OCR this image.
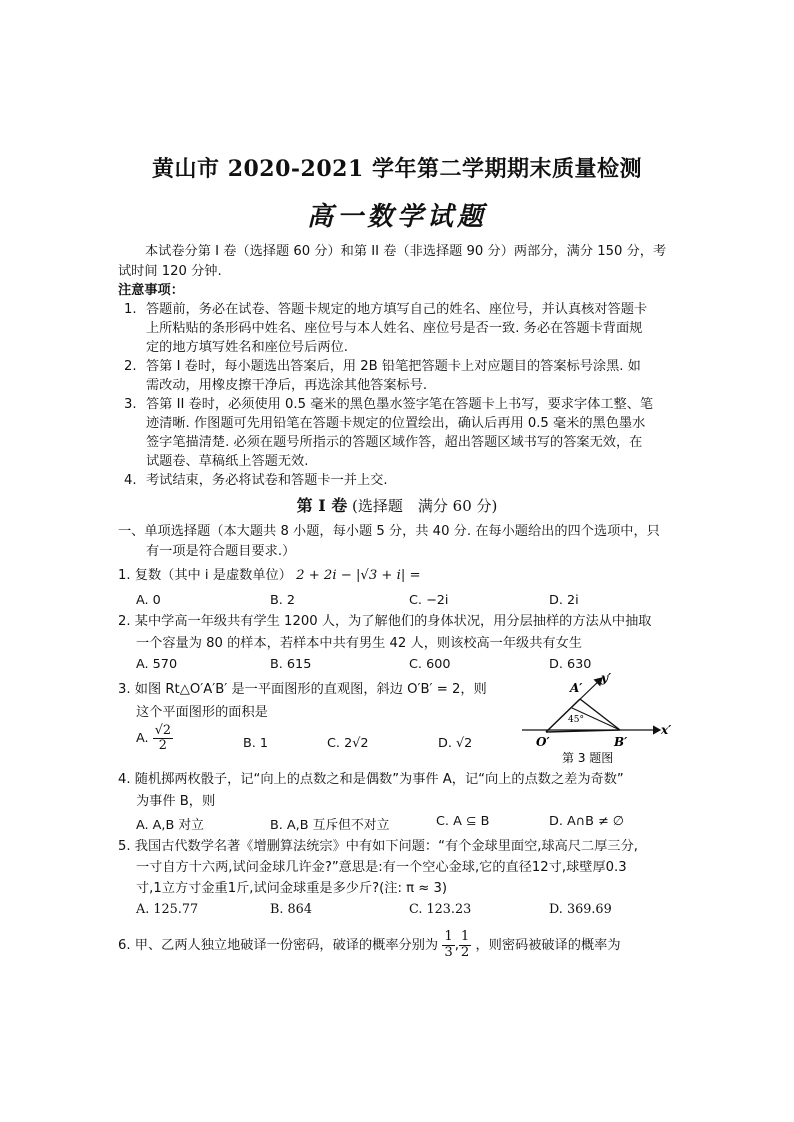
黄山市 2020-2021 学年第二学期期末质量检测
高一数学试题
本试卷分第 I 卷（选择题 60 分）和第 II 卷（非选择题 90 分）两部分，满分 150 分，考
试时间 120 分钟.
注意事项：
1. 答题前，务必在试卷、答题卡规定的地方填写自己的姓名、座位号，并认真核对答题卡
上所粘贴的条形码中姓名、座位号与本人姓名、座位号是否一致. 务必在答题卡背面规
定的地方填写姓名和座位号后两位.
2. 答第 I 卷时，每小题选出答案后，用 2B 铅笔把答题卡上对应题目的答案标号涂黑. 如
需改动，用橡皮擦干净后，再选涂其他答案标号.
3. 答第 II 卷时，必须使用 0.5 毫米的黑色墨水签字笔在答题卡上书写，要求字体工整、笔
迹清晰. 作图题可先用铅笔在答题卡规定的位置绘出，确认后再用 0.5 毫米的黑色墨水
签字笔描清楚. 必须在题号所指示的答题区域作答，超出答题区域书写的答案无效，在
试题卷、草稿纸上答题无效.
4. 考试结束，务必将试卷和答题卡一并上交.
第 I 卷 (选择题　满分 60 分)
一、单项选择题（本大题共 8 小题，每小题 5 分，共 40 分. 在每小题给出的四个选项中，只
有一项是符合题目要求.）
1. 复数（其中 i 是虚数单位） 2 + 2i − |√3 + i| =
A. 0	B. 2	C. −2i	D. 2i
2. 某中学高一年级共有学生 1200 人，为了解他们的身体状况，用分层抽样的方法从中抽取
一个容量为 80 的样本，若样本中共有男生 42 人，则该校高一年级共有女生
A. 570	B. 615	C. 600	D. 630
3. 如图 Rt△O′A′B′ 是一平面图形的直观图，斜边 O′B′ = 2，则
这个平面图形的面积是
A. $\frac{√2}{2}$	B. 1	C. 2√2	D. √2
A′
y′
45°
O′	B′
x′
第 3 题图
4. 随机掷两枚骰子，记“向上的点数之和是偶数”为事件 A，记“向上的点数之差为奇数”
为事件 B，则
A. A,B 对立	B. A,B 互斥但不对立	C. A ⊆ B	D. A∩B ≠ ∅
5. 我国古代数学名著《增删算法统宗》中有如下问题：“有个金球里面空,球高尺二厚三分,
一寸自方十六两,试问金球几许金?”意思是:有一个空心金球,它的直径12寸,球壁厚0.3
寸,1立方寸金重1斤,试问金球重是多少斤?(注: π ≈ 3)
A. 125.77	B. 864	C. 123.23	D. 369.69
6. 甲、乙两人独立地破译一份密码，破译的概率分别为 $\frac{1}{3}$ , $\frac{1}{2}$ ，则密码被破译的概率为
